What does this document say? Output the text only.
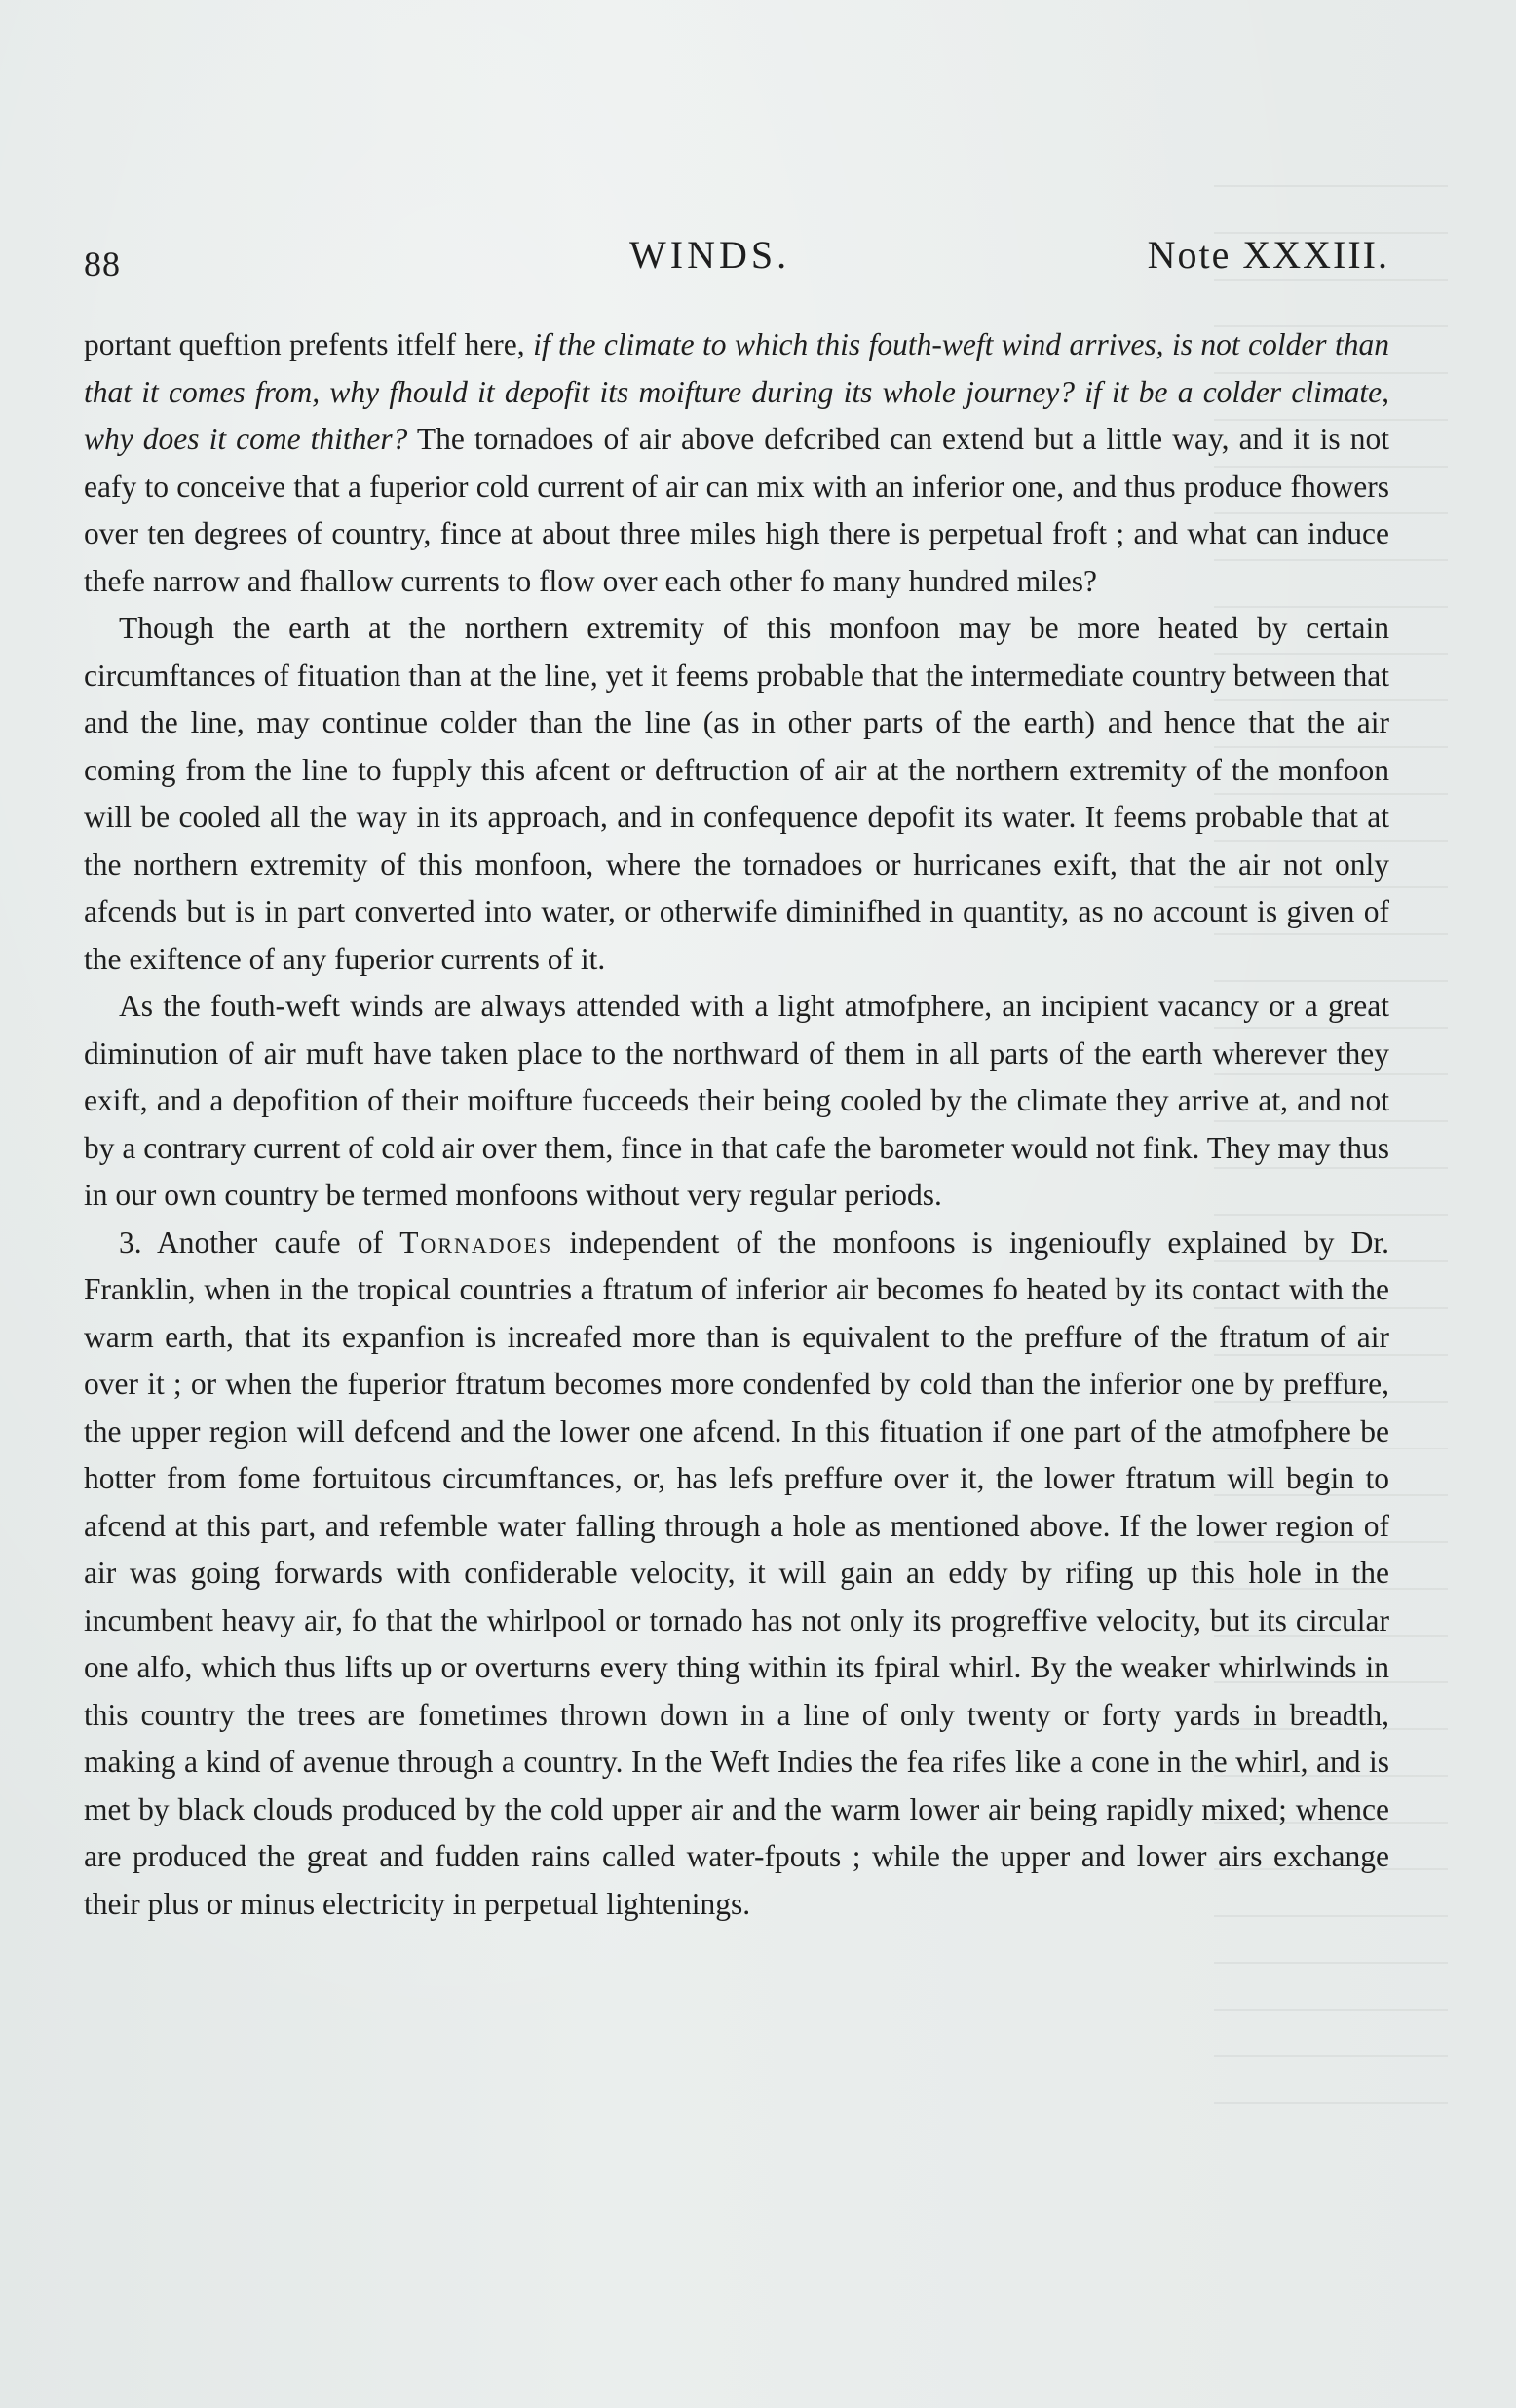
88	WINDS.	Note XXXIII.

portant queftion prefents itfelf here, if the climate to which this fouth-weft wind arrives, is not colder than that it comes from, why fhould it depofit its moifture during its whole journey? if it be a colder climate, why does it come thither? The tornadoes of air above defcribed can extend but a little way, and it is not eafy to conceive that a fuperior cold current of air can mix with an inferior one, and thus produce fhowers over ten degrees of country, fince at about three miles high there is perpetual froft ; and what can induce thefe narrow and fhallow currents to flow over each other fo many hundred miles?

Though the earth at the northern extremity of this monfoon may be more heated by certain circumftances of fituation than at the line, yet it feems probable that the intermediate country between that and the line, may continue colder than the line (as in other parts of the earth) and hence that the air coming from the line to fupply this afcent or deftruction of air at the northern extremity of the monfoon will be cooled all the way in its approach, and in confequence depofit its water. It feems probable that at the northern extremity of this monfoon, where the tornadoes or hurricanes exift, that the air not only afcends but is in part converted into water, or otherwife diminifhed in quantity, as no account is given of the exiftence of any fuperior currents of it.

As the fouth-weft winds are always attended with a light atmofphere, an incipient vacancy or a great diminution of air muft have taken place to the northward of them in all parts of the earth wherever they exift, and a depofition of their moifture fucceeds their being cooled by the climate they arrive at, and not by a contrary current of cold air over them, fince in that cafe the barometer would not fink. They may thus in our own country be termed monfoons without very regular periods.

3. Another caufe of Tornadoes independent of the monfoons is ingenioufly explained by Dr. Franklin, when in the tropical countries a ftratum of inferior air becomes fo heated by its contact with the warm earth, that its expanfion is increafed more than is equivalent to the preffure of the ftratum of air over it ; or when the fuperior ftratum becomes more condenfed by cold than the inferior one by preffure, the upper region will defcend and the lower one afcend. In this fituation if one part of the atmofphere be hotter from fome fortuitous circumftances, or, has lefs preffure over it, the lower ftratum will begin to afcend at this part, and refemble water falling through a hole as mentioned above. If the lower region of air was going forwards with confiderable velocity, it will gain an eddy by rifing up this hole in the incumbent heavy air, fo that the whirlpool or tornado has not only its progreffive velocity, but its circular one alfo, which thus lifts up or overturns every thing within its fpiral whirl. By the weaker whirlwinds in this country the trees are fometimes thrown down in a line of only twenty or forty yards in breadth, making a kind of avenue through a country. In the Weft Indies the fea rifes like a cone in the whirl, and is met by black clouds produced by the cold upper air and the warm lower air being rapidly mixed; whence are produced the great and fudden rains called water-fpouts ; while the upper and lower airs exchange their plus or minus electricity in perpetual lightenings.
